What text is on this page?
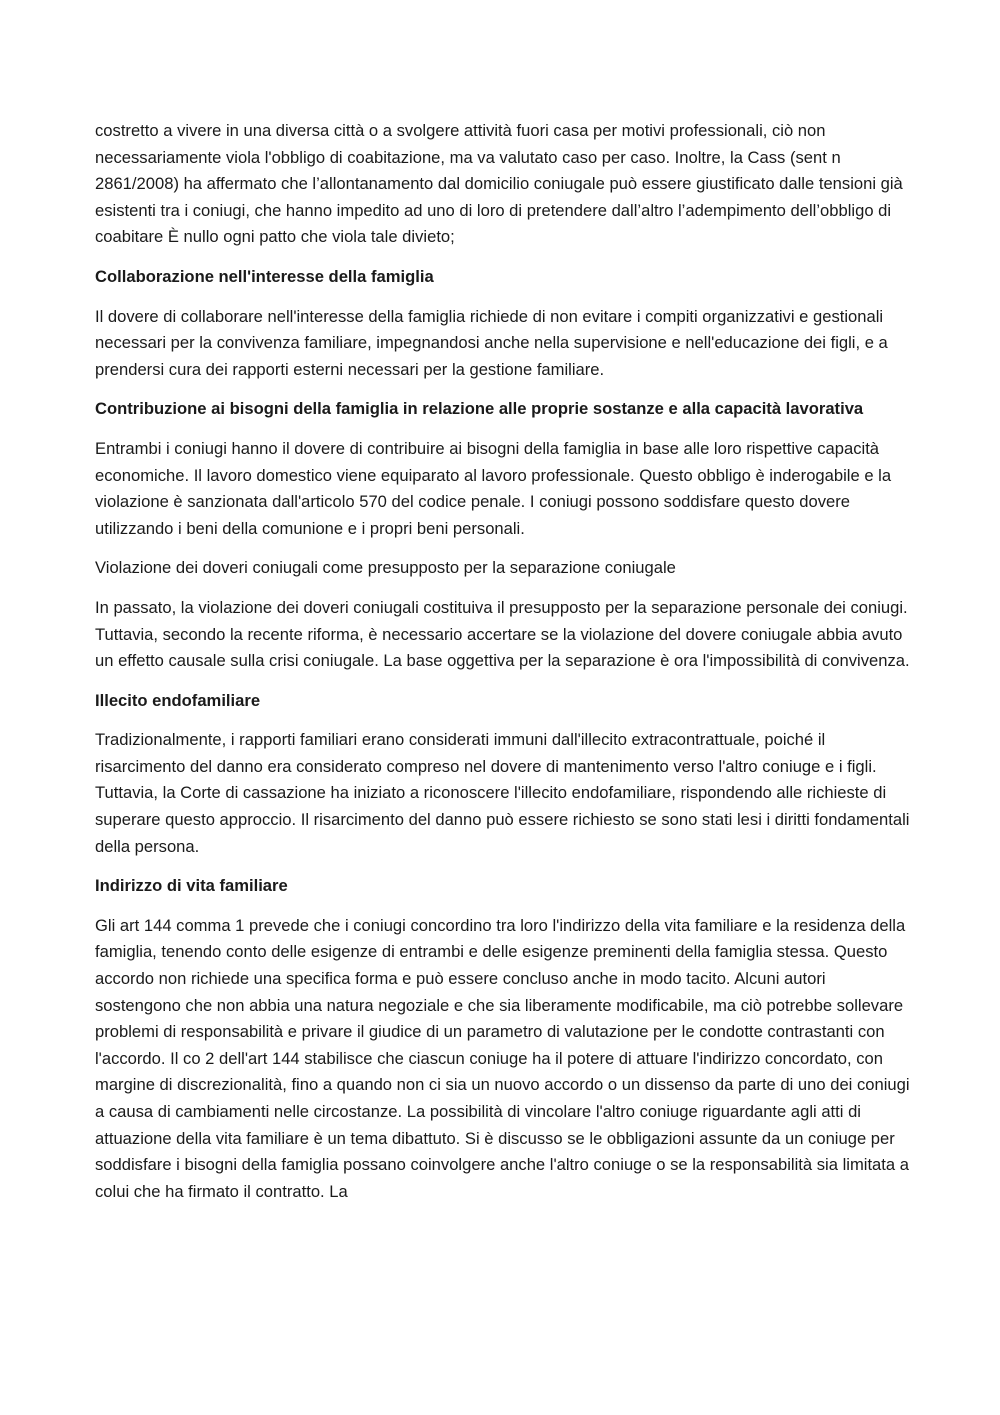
costretto a vivere in una diversa città o a svolgere attività fuori casa per motivi professionali, ciò non necessariamente viola l'obbligo di coabitazione, ma va valutato caso per caso. Inoltre, la Cass (sent n 2861/2008) ha affermato che l’allontanamento dal domicilio coniugale può essere giustificato dalle tensioni già esistenti tra i coniugi, che hanno impedito ad uno di loro di pretendere dall’altro l’adempimento dell’obbligo di coabitare È nullo ogni patto che viola tale divieto;

Collaborazione nell'interesse della famiglia

Il dovere di collaborare nell'interesse della famiglia richiede di non evitare i compiti organizzativi e gestionali necessari per la convivenza familiare, impegnandosi anche nella supervisione e nell'educazione dei figli, e a prendersi cura dei rapporti esterni necessari per la gestione familiare.

Contribuzione ai bisogni della famiglia in relazione alle proprie sostanze e alla capacità lavorativa

Entrambi i coniugi hanno il dovere di contribuire ai bisogni della famiglia in base alle loro rispettive capacità economiche. Il lavoro domestico viene equiparato al lavoro professionale. Questo obbligo è inderogabile e la violazione è sanzionata dall'articolo 570 del codice penale. I coniugi possono soddisfare questo dovere utilizzando i beni della comunione e i propri beni personali.

Violazione dei doveri coniugali come presupposto per la separazione coniugale

In passato, la violazione dei doveri coniugali costituiva il presupposto per la separazione personale dei coniugi. Tuttavia, secondo la recente riforma, è necessario accertare se la violazione del dovere coniugale abbia avuto un effetto causale sulla crisi coniugale. La base oggettiva per la separazione è ora l'impossibilità di convivenza.

Illecito endofamiliare

Tradizionalmente, i rapporti familiari erano considerati immuni dall'illecito extracontrattuale, poiché il risarcimento del danno era considerato compreso nel dovere di mantenimento verso l'altro coniuge e i figli. Tuttavia, la Corte di cassazione ha iniziato a riconoscere l'illecito endofamiliare, rispondendo alle richieste di superare questo approccio. Il risarcimento del danno può essere richiesto se sono stati lesi i diritti fondamentali della persona.

Indirizzo di vita familiare

Gli art 144 comma 1 prevede che i coniugi concordino tra loro l'indirizzo della vita familiare e la residenza della famiglia, tenendo conto delle esigenze di entrambi e delle esigenze preminenti della famiglia stessa. Questo accordo non richiede una specifica forma e può essere concluso anche in modo tacito. Alcuni autori sostengono che non abbia una natura negoziale e che sia liberamente modificabile, ma ciò potrebbe sollevare problemi di responsabilità e privare il giudice di un parametro di valutazione per le condotte contrastanti con l'accordo. Il co 2 dell'art 144 stabilisce che ciascun coniuge ha il potere di attuare l'indirizzo concordato, con margine di discrezionalità, fino a quando non ci sia un nuovo accordo o un dissenso da parte di uno dei coniugi a causa di cambiamenti nelle circostanze. La possibilità di vincolare l'altro coniuge riguardante agli atti di attuazione della vita familiare è un tema dibattuto. Si è discusso se le obbligazioni assunte da un coniuge per soddisfare i bisogni della famiglia possano coinvolgere anche l'altro coniuge o se la responsabilità sia limitata a colui che ha firmato il contratto. La
